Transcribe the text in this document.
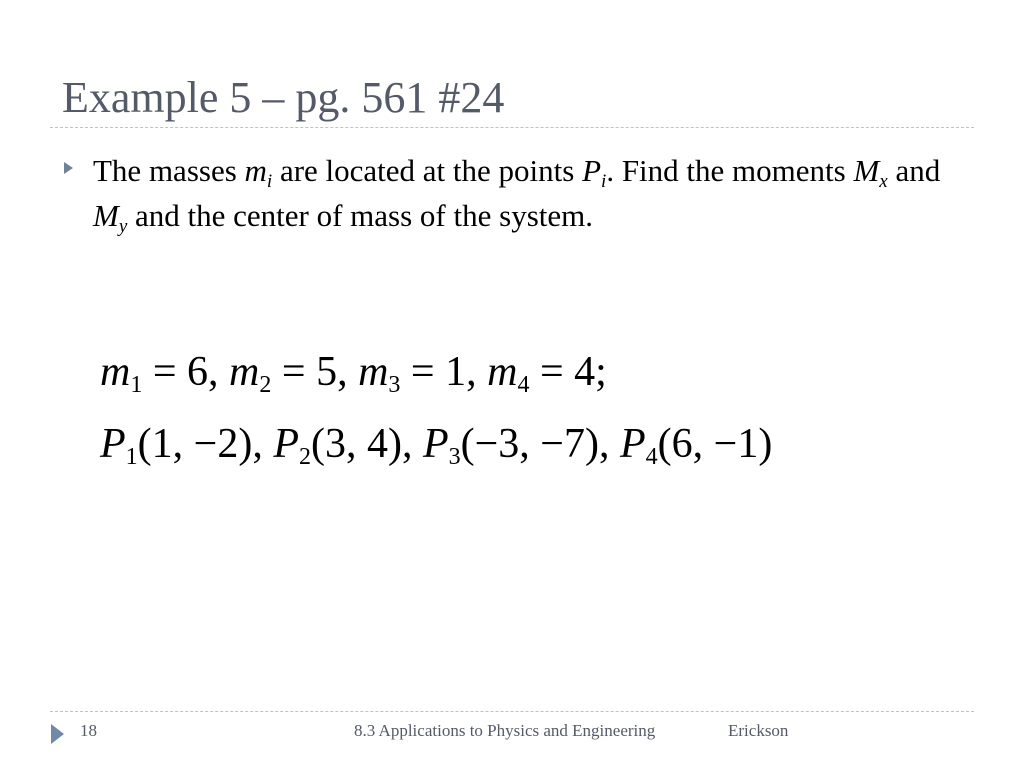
Example 5 – pg. 561 #24
The masses $m_i$ are located at the points $P_i$. Find the moments $M_x$ and $M_y$ and the center of mass of the system.
$m_1 = 6$, $m_2 = 5$, $m_3 = 1$, $m_4 = 4$;
$P_1(1$, −2), $P_2(3$, 4), $P_3(-3$, −7), $P_4(6$, −1)
18	8.3 Applications to Physics and Engineering	Erickson
